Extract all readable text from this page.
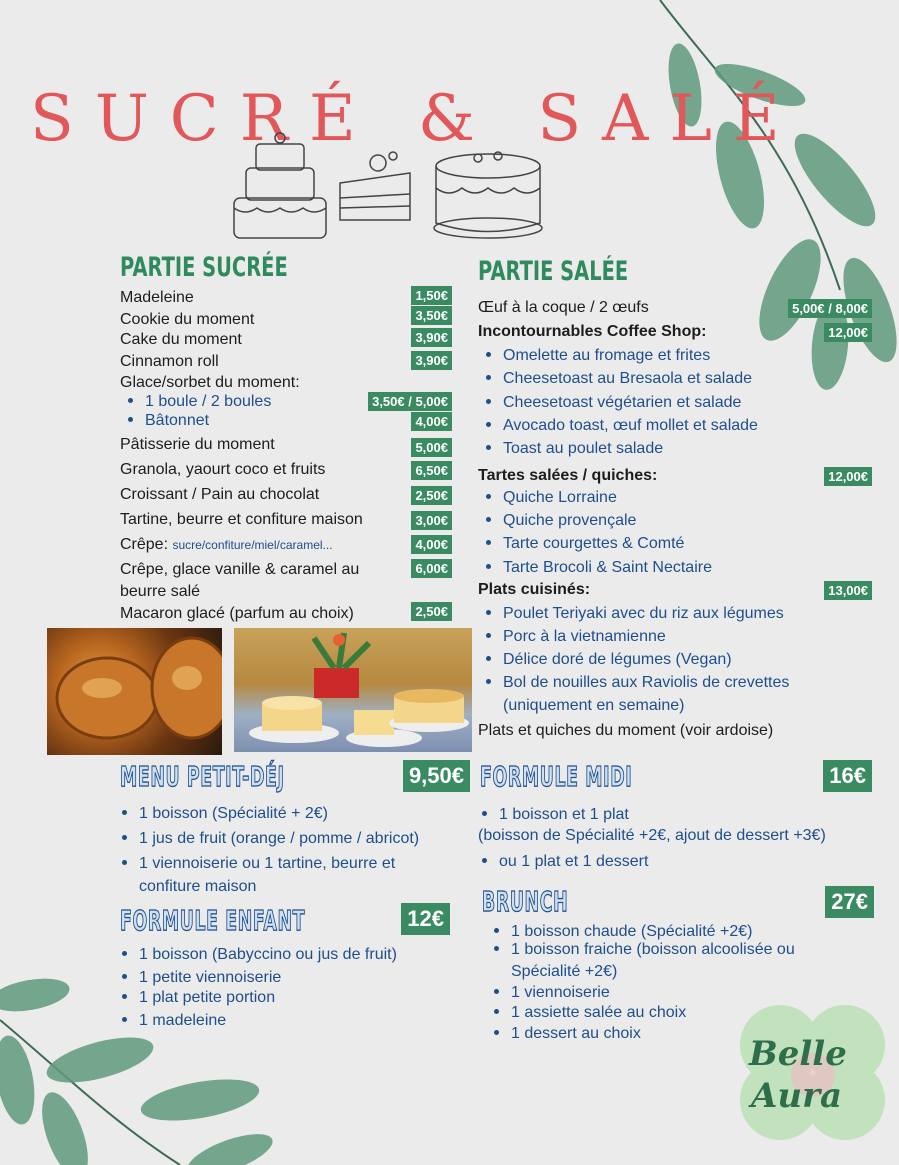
SUCRÉ & SALÉ
PARTIE SUCRÉE	PARTIE SALÉE
Madeleine	1,50€
Cookie du moment	3,50€
Cake du moment	3,90€
Cinnamon roll	3,90€
Glace/sorbet du moment:
1 boule / 2 boules	3,50€ / 5,00€
Bâtonnet	4,00€
Pâtisserie du moment	5,00€
Granola, yaourt coco et fruits	6,50€
Croissant / Pain au chocolat	2,50€
Tartine, beurre et confiture maison	3,00€
Crêpe: sucre/confiture/miel/caramel...	4,00€
Crêpe, glace vanille & caramel au	6,00€
beurre salé
Macaron glacé (parfum au choix)	2,50€
Œuf à la coque / 2 œufs	5,00€ / 8,00€
Incontournables Coffee Shop:	12,00€
Omelette au fromage et frites
Cheesetoast au Bresaola et salade
Cheesetoast végétarien et salade
Avocado toast, œuf mollet et salade
Toast au poulet salade
Tartes salées / quiches:	12,00€
Quiche Lorraine
Quiche provençale
Tarte courgettes & Comté
Tarte Brocoli & Saint Nectaire
Plats cuisinés:	13,00€
Poulet Teriyaki avec du riz aux légumes
Porc à la vietnamienne
Délice doré de légumes (Vegan)
Bol de nouilles aux Raviolis de crevettes
(uniquement en semaine)
Plats et quiches du moment (voir ardoise)
MENU PETIT-DÉJ	9,50€
1 boisson (Spécialité + 2€)
1 jus de fruit (orange / pomme / abricot)
1 viennoiserie ou 1 tartine, beurre et
confiture maison
FORMULE MIDI	16€
1 boisson et 1 plat
(boisson de Spécialité +2€, ajout de dessert +3€)
ou 1 plat et 1 dessert
FORMULE ENFANT	12€
1 boisson (Babyccino ou jus de fruit)
1 petite viennoiserie
1 plat petite portion
1 madeleine
BRUNCH	27€
1 boisson chaude (Spécialité +2€)
1 boisson fraiche (boisson alcoolisée ou
Spécialité +2€)
1 viennoiserie
1 assiette salée au choix
1 dessert au choix
Belle
Aura
